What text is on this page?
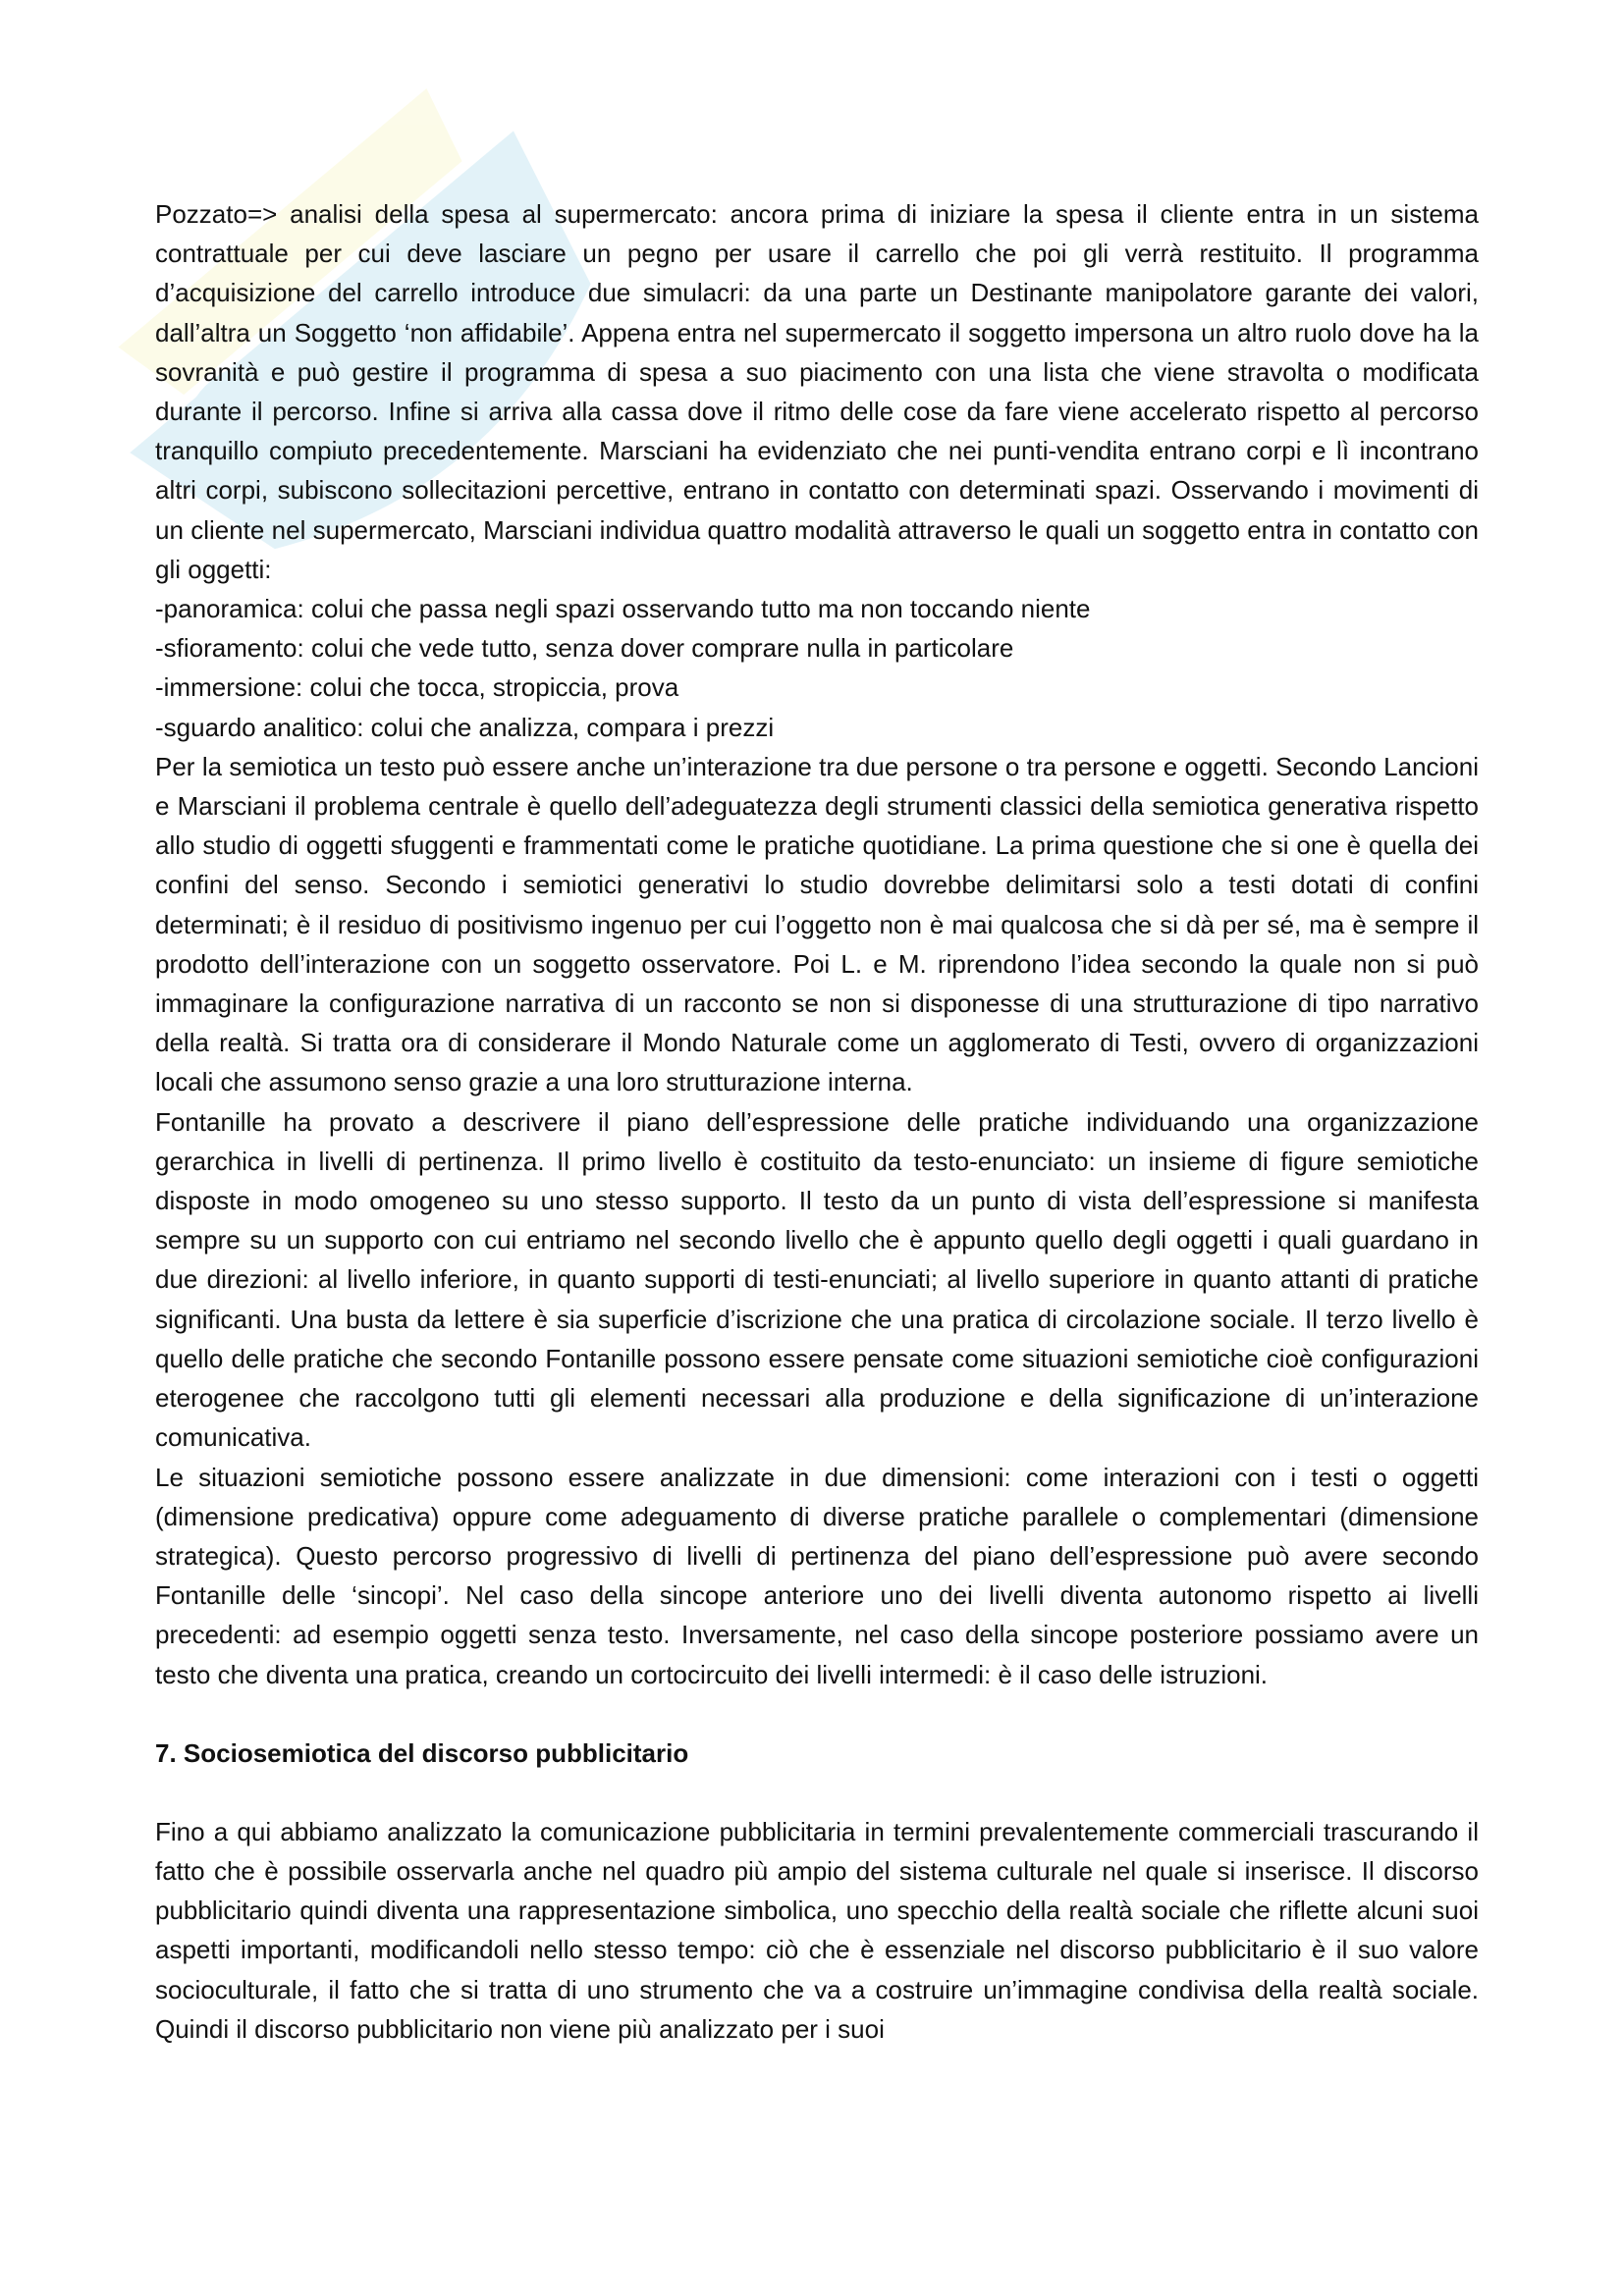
Pozzato=> analisi della spesa al supermercato: ancora prima di iniziare la spesa il cliente entra in un sistema contrattuale per cui deve lasciare un pegno per usare il carrello che poi gli verrà restituito. Il programma d’acquisizione del carrello introduce due simulacri: da una parte un Destinante manipolatore garante dei valori, dall’altra un Soggetto ‘non affidabile’. Appena entra nel supermercato il soggetto impersona un altro ruolo dove ha la sovranità e può gestire il programma di spesa a suo piacimento con una lista che viene stravolta o modificata durante il percorso. Infine si arriva alla cassa dove il ritmo delle cose da fare viene accelerato rispetto al percorso tranquillo compiuto precedentemente. Marsciani ha evidenziato che nei punti-vendita entrano corpi e lì incontrano altri corpi, subiscono sollecitazioni percettive, entrano in contatto con determinati spazi. Osservando i movimenti di un cliente nel supermercato, Marsciani individua quattro modalità attraverso le quali un soggetto entra in contatto con gli oggetti:

-panoramica: colui che passa negli spazi osservando tutto ma non toccando niente

-sfioramento: colui che vede tutto, senza dover comprare nulla in particolare

-immersione: colui che tocca, stropiccia, prova

-sguardo analitico: colui che analizza, compara i prezzi

Per la semiotica un testo può essere anche un’interazione tra due persone o tra persone e oggetti. Secondo Lancioni e Marsciani il problema centrale è quello dell’adeguatezza degli strumenti classici della semiotica generativa rispetto allo studio di oggetti sfuggenti e frammentati come le pratiche quotidiane. La prima questione che si one è quella dei confini del senso. Secondo i semiotici generativi lo studio dovrebbe delimitarsi solo a testi dotati di confini determinati; è il residuo di positivismo ingenuo per cui l’oggetto non è mai qualcosa che si dà per sé, ma è sempre il prodotto dell’interazione con un soggetto osservatore. Poi L. e M. riprendono l’idea secondo la quale non si può immaginare la configurazione narrativa di un racconto se non si disponesse di una strutturazione di tipo narrativo della realtà. Si tratta ora di considerare il Mondo Naturale come un agglomerato di Testi, ovvero di organizzazioni locali che assumono senso grazie a una loro strutturazione interna.

Fontanille ha provato a descrivere il piano dell’espressione delle pratiche individuando una organizzazione gerarchica in livelli di pertinenza. Il primo livello è costituito da testo-enunciato: un insieme di figure semiotiche disposte in modo omogeneo su uno stesso supporto. Il testo da un punto di vista dell’espressione si manifesta sempre su un supporto con cui entriamo nel secondo livello che è appunto quello degli oggetti i quali guardano in due direzioni: al livello inferiore, in quanto supporti di testi-enunciati; al livello superiore in quanto attanti di pratiche significanti. Una busta da lettere è sia superficie d’iscrizione che una pratica di circolazione sociale. Il terzo livello è quello delle pratiche che secondo Fontanille possono essere pensate come situazioni semiotiche cioè configurazioni eterogenee che raccolgono tutti gli elementi necessari alla produzione e della significazione di un’interazione comunicativa.

Le situazioni semiotiche possono essere analizzate in due dimensioni: come interazioni con i testi o oggetti (dimensione predicativa) oppure come adeguamento di diverse pratiche parallele o complementari (dimensione strategica). Questo percorso progressivo di livelli di pertinenza del piano dell’espressione può avere secondo Fontanille delle ‘sincopi’. Nel caso della sincope anteriore uno dei livelli diventa autonomo rispetto ai livelli precedenti: ad esempio oggetti senza testo. Inversamente, nel caso della sincope posteriore possiamo avere un testo che diventa una pratica, creando un cortocircuito dei livelli intermedi: è il caso delle istruzioni.

7. Sociosemiotica del discorso pubblicitario

Fino a qui abbiamo analizzato la comunicazione pubblicitaria in termini prevalentemente commerciali trascurando il fatto che è possibile osservarla anche nel quadro più ampio del sistema culturale nel quale si inserisce. Il discorso pubblicitario quindi diventa una rappresentazione simbolica, uno specchio della realtà sociale che riflette alcuni suoi aspetti importanti, modificandoli nello stesso tempo: ciò che è essenziale nel discorso pubblicitario è il suo valore socioculturale, il fatto che si tratta di uno strumento che va a costruire un’immagine condivisa della realtà sociale. Quindi il discorso pubblicitario non viene più analizzato per i suoi
